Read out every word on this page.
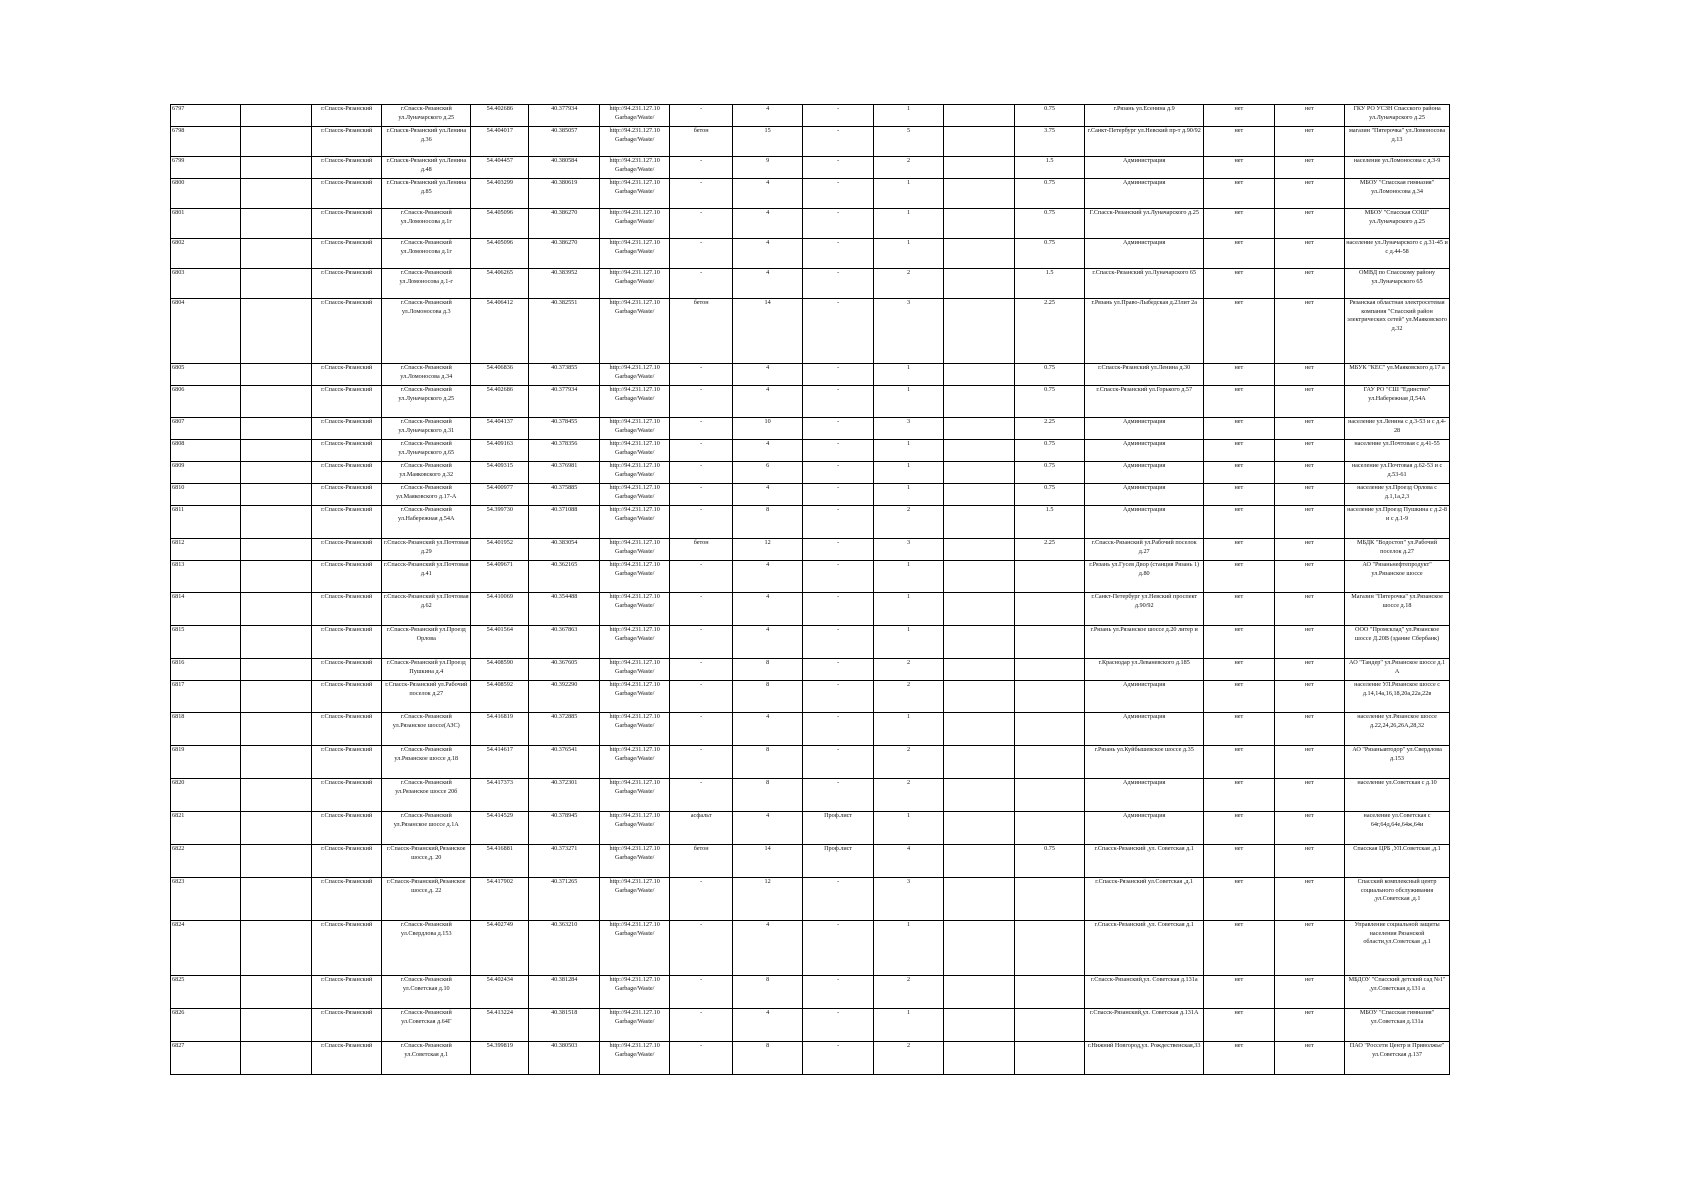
6797		г.Спасск-Рязанский	г.Спасск-Рязанский ул.Луначарского д.25	54.402686	40.377934	http://94.231.127.10 Garbage/Waste/	-	4	-	1		0.75	г.Рязань ул.Есенина д.9	нет	нет	ГКУ РО УСЗН Спасского района ул.Луначарского д.25
6798		г.Спасск-Рязанский	г.Спасск-Рязанский ул.Ленина д.36	54.404017	40.385057	http://94.231.127.10 Garbage/Waste/	бетон	15	-	5		3.75	г.Санкт-Петербург ул.Невский пр-т д.90/92	нет	нет	магазин "Пятерочка" ул.Ломоносова д.13
6799		г.Спасск-Рязанский	г.Спасск-Рязанский ул.Ленина д.48	54.404457	40.380584	http://94.231.127.10 Garbage/Waste/	-	9	-	2		1.5	Администрация	нет	нет	население ул.Ломоносова с д.3-9
6800		г.Спасск-Рязанский	г.Спасск-Рязанский ул.Ленина д.85	54.403299	40.380619	http://94.231.127.10 Garbage/Waste/	-	4	-	1		0.75	Администрация	нет	нет	МБОУ "Спасская гимназия" ул.Ломоносова д.34
6801		г.Спасск-Рязанский	г.Спасск-Рязанский ул.Ломоносова д.1г	54.405096	40.386270	http://94.231.127.10 Garbage/Waste/	-	4	-	1		0.75	Г.Спасск-Рязанский ул.Луначарского д.25	нет	нет	МБОУ "Спасская СОШ" ул.Луначарского д.25
6802		г.Спасск-Рязанский	г.Спасск-Рязанский ул.Ломоносова д.1г	54.405096	40.386270	http://94.231.127.10 Garbage/Waste/	-	4	-	1		0.75	Администрация	нет	нет	население ул.Луначарского с д.31-45 и с д.44-58
6803		г.Спасск-Рязанский	г.Спасск-Рязанский ул.Ломоносова д.1-г	54.406265	40.383952	http://94.231.127.10 Garbage/Waste/	-	4	-	2		1.5	г.Спасск-Рязанский ул.Луначарского 65	нет	нет	ОМВД по Спасскому району ул.Луначарского 65
6804		г.Спасск-Рязанский	г.Спасск-Рязанский ул.Ломоносова д.3	54.406412	40.382551	http://94.231.127.10 Garbage/Waste/	бетон	14	-	3		2.25	г.Рязань ул.Право-Лыбедская д.23лит 2а	нет	нет	Рязанская областная электросетевая компания "Спасский район электрических сетей" ул.Маяковского д.32
6805		г.Спасск-Рязанский	г.Спасск-Рязанский ул.Ломоносова д.34	54.406836	40.373855	http://94.231.127.10 Garbage/Waste/	-	4	-	1		0.75	г.Спасск-Рязанский ул.Ленина д.30	нет	нет	МБУК "КЕС" ул.Маяковского д.17 а
6806		г.Спасск-Рязанский	г.Спасск-Рязанский ул.Луначарского д.25	54.402686	40.377934	http://94.231.127.10 Garbage/Waste/	-	4	-	1		0.75	г.Спасск-Рязанский ул.Горького д.57	нет	нет	ГАУ РО "СШ "Единство" ул.Набережная Д.54А
6807		г.Спасск-Рязанский	г.Спасск-Рязанский ул.Луначарского д.31	54.404137	40.378455	http://94.231.127.10 Garbage/Waste/	-	10	-	3		2.25	Администрация	нет	нет	население ул.Ленина с д.3-53 и с д.4-28
6808		г.Спасск-Рязанский	г.Спасск-Рязанский ул.Луначарского д.65	54.409163	40.378356	http://94.231.127.10 Garbage/Waste/	-	4	-	1		0.75	Администрация	нет	нет	население ул.Почтовая с д.41-55
6809		г.Спасск-Рязанский	г.Спасск-Рязанский ул.Маяковского д.32	54.409315	40.376981	http://94.231.127.10 Garbage/Waste/	-	6	-	1		0.75	Администрация	нет	нет	население ул.Почтовая д.62-53 и с д.53-61
6810		г.Спасск-Рязанский	г.Спасск-Рязанский ул.Маяковского д.17-А	54.400977	40.375885	http://94.231.127.10 Garbage/Waste/	-	4	-	1		0.75	Администрация	нет	нет	население ул.Проезд Орлова с д.1,1а,2,3
6811		г.Спасск-Рязанский	г.Спасск-Рязанский ул.Набережная д.54А	54.399730	40.371088	http://94.231.127.10 Garbage/Waste/	-	8	-	2		1.5	Администрация	нет	нет	население ул.Проезд Пушкина с д.2-8 и с д.1-9
6812		г.Спасск-Рязанский	г.Спасск-Рязанский ул.Почтовая д.29	54.401952	40.383054	http://94.231.127.10 Garbage/Waste/	бетон	12	-	3		2.25	г.Спасск-Рязанский ул.Рабочий поселок д.27	нет	нет	МБДК "Водостоп" ул.Рабочий поселок д.27
6813		г.Спасск-Рязанский	г.Спасск-Рязанский ул.Почтовая д.41	54.409671	40.362165	http://94.231.127.10 Garbage/Waste/	-	4	-	1			г.Рязань ул.Гусев Двор (станция Рязань 1) д.80	нет	нет	АО "Рязаньнефтепродукт" ул.Рязанское шоссе
6814		г.Спасск-Рязанский	г.Спасск-Рязанский ул.Почтовая д.62	54.410069	40.354488	http://94.231.127.10 Garbage/Waste/	-	4	-	1			г.Санкт-Петербург ул.Невский проспект д.90/92	нет	нет	Магазин "Пятерочка" ул.Рязанское шоссе д.18
6815		г.Спасск-Рязанский	г.Спасск-Рязанский ул.Проезд Орлова	54.401564	40.367863	http://94.231.127.10 Garbage/Waste/	-	4	-	1			г.Рязань ул.Рязанское шоссе д.20 литер и	нет	нет	ООО "Промсклад" ул.Рязанское шоссе Д.20В (здание Сбербанк)
6816		г.Спасск-Рязанский	г.Спасск-Рязанский ул.Проезд Пушкина д.4	54.408590	40.367605	http://94.231.127.10 Garbage/Waste/	-	8	-	2			г.Краснодар ул.Леваневского д.185	нет	нет	АО "Тандер" ул.Рязанское шоссе д.1 А
6817		г.Спасск-Рязанский	г.Спасск-Рязанский ул.Рабочий поселок д.27	54.408592	40.392290	http://94.231.127.10 Garbage/Waste/	-	8	-	2			Администрация	нет	нет	население УЛ.Рязанское шоссе с д.14,14а,16,18,20а,22а,22в
6818		г.Спасск-Рязанский	г.Спасск-Рязанский ул.Рязанское шоссе(АЗС)	54.416819	40.372885	http://94.231.127.10 Garbage/Waste/	-	4	-	1			Администрация	нет	нет	население ул.Рязанское шоссе д.22,24,26,26А,28,32
6819		г.Спасск-Рязанский	г.Спасск-Рязанский ул.Рязанское шоссе д.18	54.414617	40.376541	http://94.231.127.10 Garbage/Waste/	-	8	-	2			г.Рязань ул.Куйбышевское шоссе д.35	нет	нет	АО "Рязаньавтодор" ул.Свердлова д.153
6820		г.Спасск-Рязанский	г.Спасск-Рязанский ул.Рязанское шоссе 20б	54.417373	40.372301	http://94.231.127.10 Garbage/Waste/	-	8	-	2			Администрация	нет	нет	население ул.Советская с д.10
6821		г.Спасск-Рязанский	г.Спасск-Рязанский ул.Рязанское шоссе д.1А	54.414529	40.378945	http://94.231.127.10 Garbage/Waste/	асфальт	4	Проф.лист	1			Администрация	нет	нет	население ул.Советская с 64г,64д,64е,64ж,64и
6822		г.Спасск-Рязанский	г.Спасск-Рязанский,Рязанское шоссе,д. 20	54.416881	40.373271	http://94.231.127.10 Garbage/Waste/	бетон	14	Проф.лист	4		0.75	г.Спасск-Рязанский ,ул. Советская д.1	нет	нет	Спасская ЦРБ ,УЛ.Советская ,д.1
6823		г.Спасск-Рязанский	г.Спасск-Рязанский,Рязанское шоссе,д. 22	54.417902	40.371265	http://94.231.127.10 Garbage/Waste/	-	12	-	3			г.Спасск-Рязанский ул.Советская ,д.1	нет	нет	Спасский комплексный центр социального обслуживания ,ул.Советская ,д.1
6824		г.Спасск-Рязанский	г.Спасск-Рязанский ул.Свердлова д.153	54.402749	40.363210	http://94.231.127.10 Garbage/Waste/	-	4	-	1			г.Спасск-Рязанский ,ул. Советская д.1	нет	нет	Управление социальной защиты населения Рязанской области,ул.Советская ,д.1
6825		г.Спасск-Рязанский	г.Спасск-Рязанский ул.Советская д.10	54.402434	40.381284	http://94.231.127.10 Garbage/Waste/	-	8	-	2			г.Спасск-Рязанский,ул. Советская д.131а	нет	нет	МБДОУ "Спасский детский сад №1" ,ул.Советская д.131 а
6826		г.Спасск-Рязанский	г.Спасск-Рязанский ул.Советская д.64Г	54.413224	40.381518	http://94.231.127.10 Garbage/Waste/	-	4	-	1			г.Спасск-Рязанский,ул. Советская д.131А	нет	нет	МБОУ "Спасская гимназия" ул.Советская д.131а
6827		г.Спасск-Рязанский	г.Спасск-Рязанский ул.Советская д.1	54.399819	40.380503	http://94.231.127.10 Garbage/Waste/	-	8	-	2			г.Нижний Новгород,ул. Рождественская,33	нет	нет	ПАО "Россети Центр и Приволжье" ул.Советская д.137
